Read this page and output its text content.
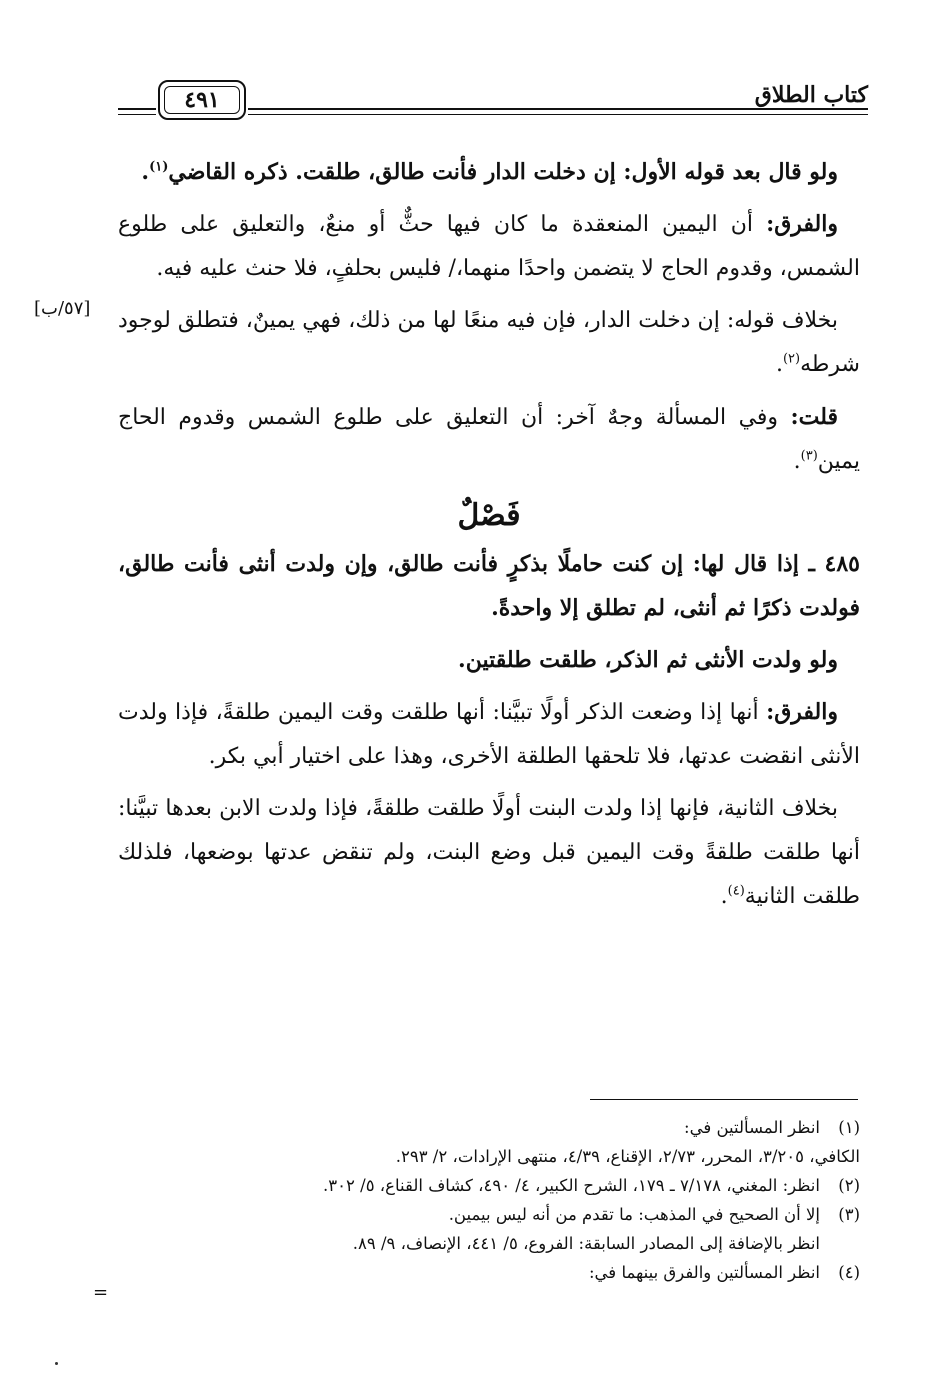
كتاب الطلاق
٤٩١
[٥٧/ب]

ولو قال بعد قوله الأول: إن دخلت الدار فأنت طالق، طلقت. ذكره القاضي$^{(١)}$.

والفرق: أن اليمين المنعقدة ما كان فيها حثٌّ أو منعٌ، والتعليق على طلوع الشمس، وقدوم الحاج لا يتضمن واحدًا منهما،/ فليس بحلفٍ، فلا حنث عليه فيه.

بخلاف قوله: إن دخلت الدار، فإن فيه منعًا لها من ذلك، فهي يمينٌ، فتطلق لوجود شرطه$^{(٢)}$.

قلت: وفي المسألة وجهٌ آخر: أن التعليق على طلوع الشمس وقدوم الحاج يمين$^{(٣)}$.

فَصْلٌ

٤٨٥ ـ إذا قال لها: إن كنت حاملًا بذكرٍ فأنت طالق، وإن ولدت أنثى فأنت طالق، فولدت ذكرًا ثم أنثى، لم تطلق إلا واحدةً.

ولو ولدت الأنثى ثم الذكر، طلقت طلقتين.

والفرق: أنها إذا وضعت الذكر أولًا تبيَّنا: أنها طلقت وقت اليمين طلقةً، فإذا ولدت الأنثى انقضت عدتها، فلا تلحقها الطلقة الأخرى، وهذا على اختيار أبي بكر.

بخلاف الثانية، فإنها إذا ولدت البنت أولًا طلقت طلقةً، فإذا ولدت الابن بعدها تبيَّنا: أنها طلقت طلقةً وقت اليمين قبل وضع البنت، ولم تنقض عدتها بوضعها، فلذلك طلقت الثانية$^{(٤)}$.

(١)
انظر المسألتين في:
الكافي، ٣/٢٠٥، المحرر، ٢/٧٣، الإقناع، ٤/٣٩، منتهى الإرادات، ٢/ ٢٩٣.
(٢)
انظر: المغني، ٧/١٧٨ ـ ١٧٩، الشرح الكبير، ٤/ ٤٩٠، كشاف القناع، ٥/ ٣٠٢.
(٣)
إلا أن الصحيح في المذهب: ما تقدم من أنه ليس بيمين.
انظر بالإضافة إلى المصادر السابقة: الفروع، ٥/ ٤٤١، الإنصاف، ٩/ ٨٩.
(٤)
انظر المسألتين والفرق بينهما في:
=
